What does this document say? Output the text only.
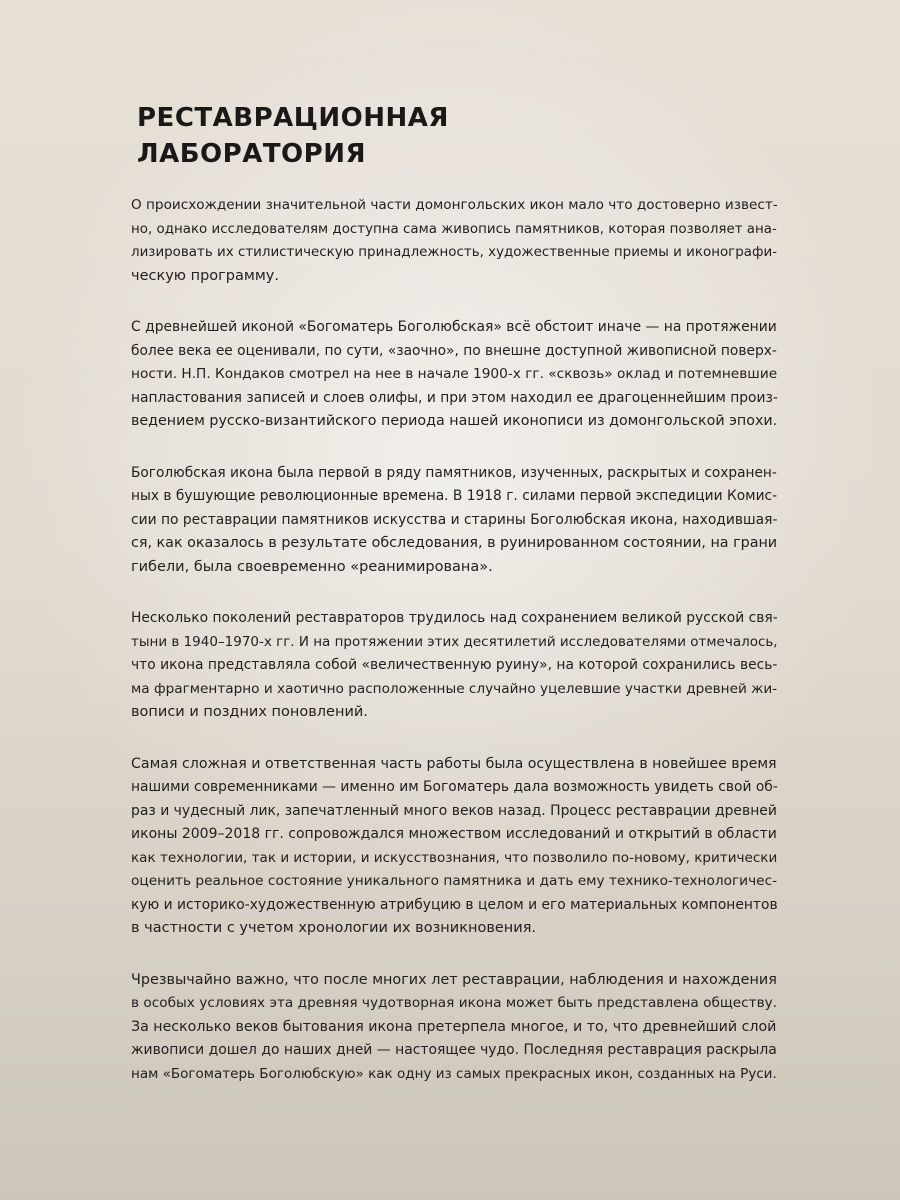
РЕСТАВРАЦИОННАЯ
ЛАБОРАТОРИЯ
О происхождении значительной части домонгольских икон мало что достоверно извест-
но, однако исследователям доступна сама живопись памятников, которая позволяет ана-
лизировать их стилистическую принадлежность, художественные приемы и иконографи-
ческую программу.
С древнейшей иконой «Богоматерь Боголюбская» всё обстоит иначе — на протяжении
более века ее оценивали, по сути, «заочно», по внешне доступной живописной поверх-
ности. Н.П. Кондаков смотрел на нее в начале 1900-х гг. «сквозь» оклад и потемневшие
напластования записей и слоев олифы, и при этом находил ее драгоценнейшим произ-
ведением русско-византийского периода нашей иконописи из домонгольской эпохи.
Боголюбская икона была первой в ряду памятников, изученных, раскрытых и сохранен-
ных в бушующие революционные времена. В 1918 г. силами первой экспедиции Комис-
сии по реставрации памятников искусства и старины Боголюбская икона, находившая-
ся, как оказалось в результате обследования, в руинированном состоянии, на грани
гибели, была своевременно «реанимирована».
Несколько поколений реставраторов трудилось над сохранением великой русской свя-
тыни в 1940–1970-х гг. И на протяжении этих десятилетий исследователями отмечалось,
что икона представляла собой «величественную руину», на которой сохранились весь-
ма фрагментарно и хаотично расположенные случайно уцелевшие участки древней жи-
вописи и поздних поновлений.
Самая сложная и ответственная часть работы была осуществлена в новейшее время
нашими современниками — именно им Богоматерь дала возможность увидеть свой об-
раз и чудесный лик, запечатленный много веков назад. Процесс реставрации древней
иконы 2009–2018 гг. сопровождался множеством исследований и открытий в области
как технологии, так и истории, и искусствознания, что позволило по-новому, критически
оценить реальное состояние уникального памятника и дать ему технико-технологичес-
кую и историко-художественную атрибуцию в целом и его материальных компонентов
в частности с учетом хронологии их возникновения.
Чрезвычайно важно, что после многих лет реставрации, наблюдения и нахождения
в особых условиях эта древняя чудотворная икона может быть представлена обществу.
За несколько веков бытования икона претерпела многое, и то, что древнейший слой
живописи дошел до наших дней — настоящее чудо. Последняя реставрация раскрыла
нам «Богоматерь Боголюбскую» как одну из самых прекрасных икон, созданных на Руси.
